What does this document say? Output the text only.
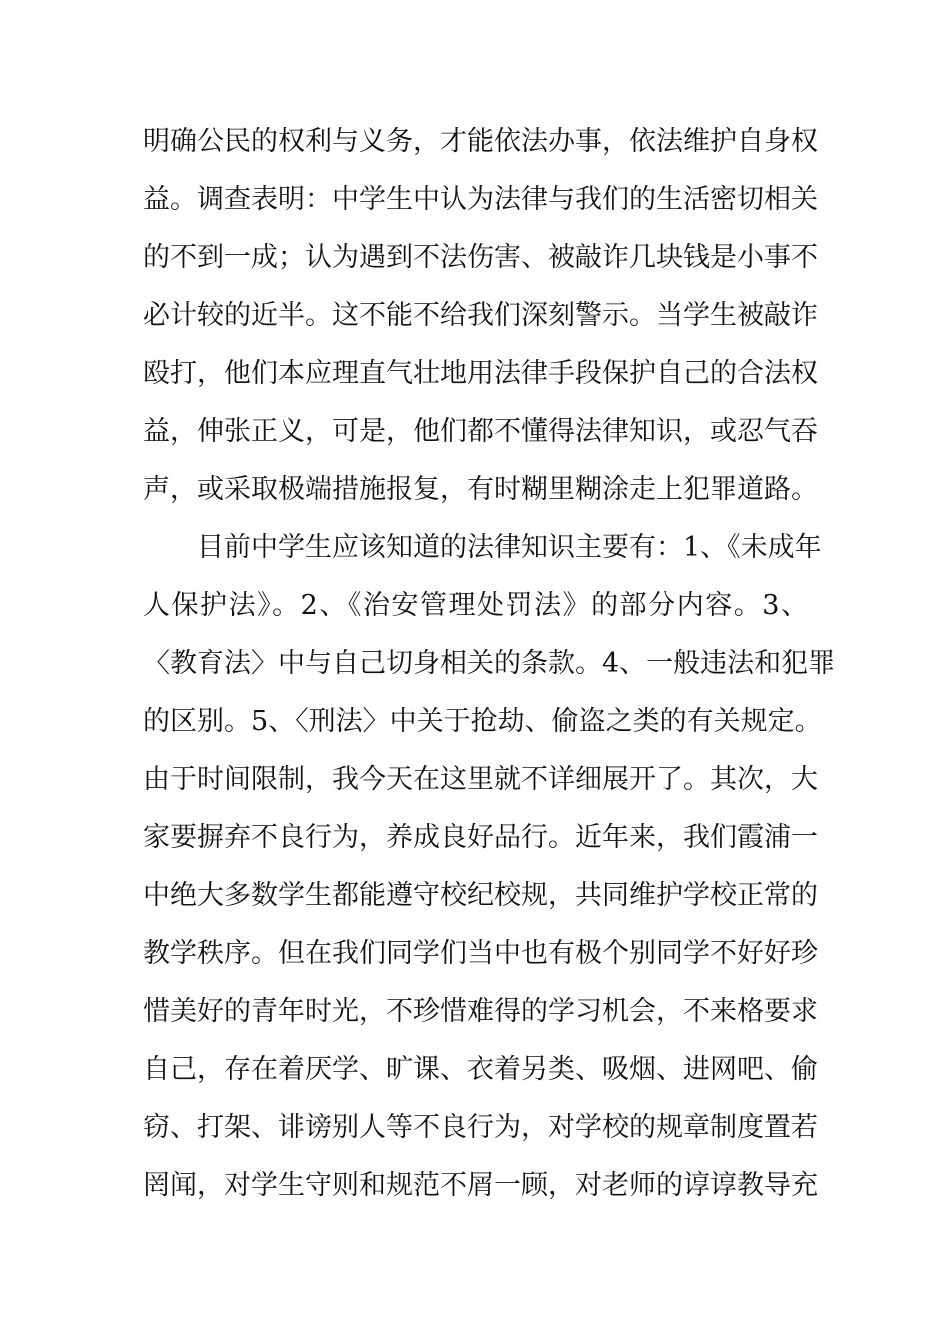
明确公民的权利与义务，才能依法办事，依法维护自身权
益。调查表明：中学生中认为法律与我们的生活密切相关
的不到一成；认为遇到不法伤害、被敲诈几块钱是小事不
必计较的近半。这不能不给我们深刻警示。当学生被敲诈
殴打，他们本应理直气壮地用法律手段保护自己的合法权
益，伸张正义，可是，他们都不懂得法律知识，或忍气吞
声，或采取极端措施报复，有时糊里糊涂走上犯罪道路。
　　目前中学生应该知道的法律知识主要有：1、《未成年
人保护法》。2、《治安管理处罚法》的部分内容。3、
〈教育法〉中与自己切身相关的条款。4、一般违法和犯罪
的区别。5、〈刑法〉中关于抢劫、偷盗之类的有关规定。
由于时间限制，我今天在这里就不详细展开了。其次，大
家要摒弃不良行为，养成良好品行。近年来，我们霞浦一
中绝大多数学生都能遵守校纪校规，共同维护学校正常的
教学秩序。但在我们同学们当中也有极个别同学不好好珍
惜美好的青年时光，不珍惜难得的学习机会，不来格要求
自己，存在着厌学、旷课、衣着另类、吸烟、进网吧、偷
窃、打架、诽谤别人等不良行为，对学校的规章制度置若
罔闻，对学生守则和规范不屑一顾，对老师的谆谆教导充
